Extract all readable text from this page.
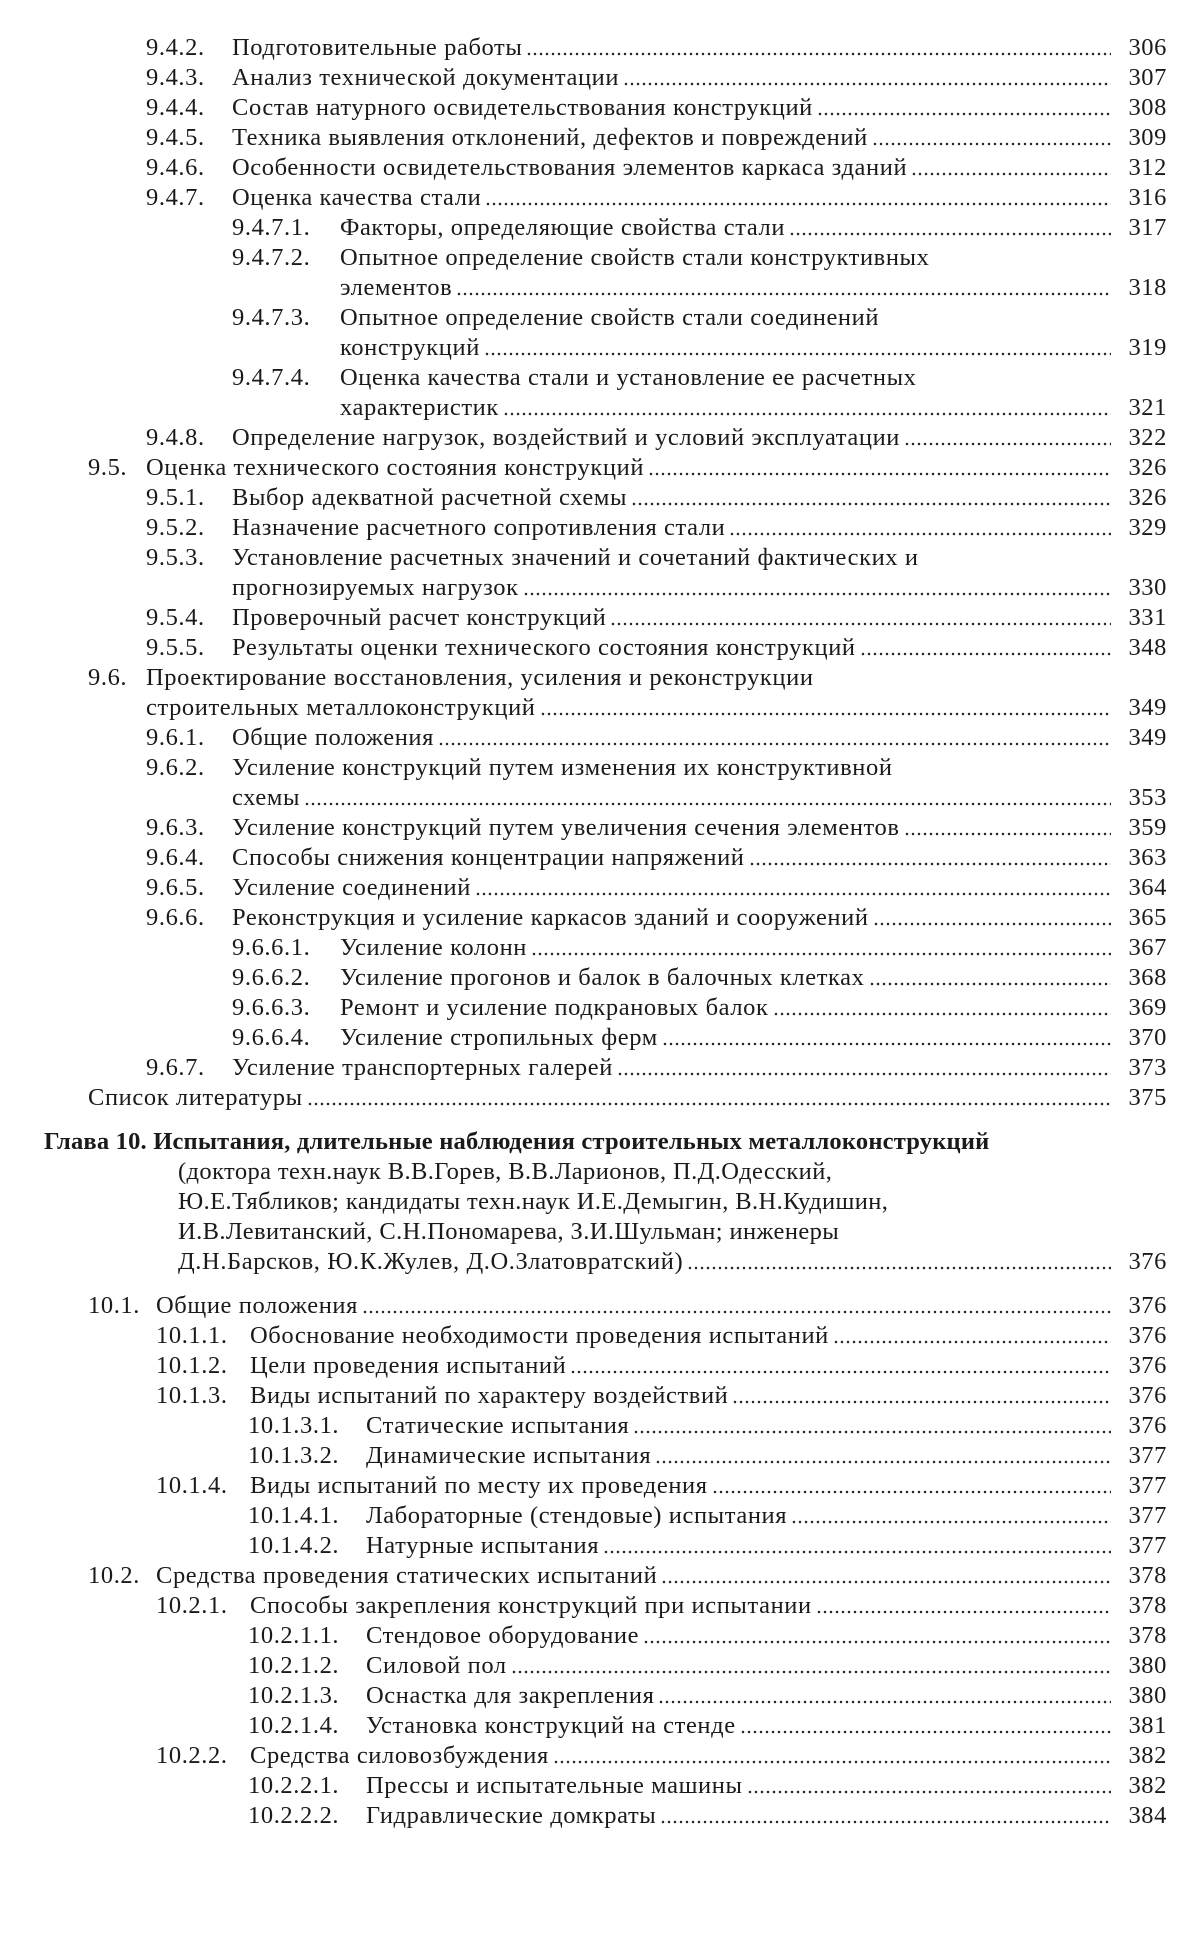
9.4.2.	Подготовительные работы	306
9.4.3.	Анализ технической документации	307
9.4.4.	Состав натурного освидетельствования конструкций	308
9.4.5.	Техника выявления отклонений, дефектов и повреждений	309
9.4.6.	Особенности освидетельствования элементов каркаса зданий	312
9.4.7.	Оценка качества стали	316
9.4.7.1.	Факторы, определяющие свойства стали	317
9.4.7.2. Опытное определение свойств стали конструктивных
элементов	318
9.4.7.3. Опытное определение свойств стали соединений
конструкций	319
9.4.7.4. Оценка качества стали и установление ее расчетных
характеристик	321
9.4.8.	Определение нагрузок, воздействий и условий эксплуатации	322
9.5. Оценка технического состояния конструкций	326
9.5.1.	Выбор адекватной расчетной схемы	326
9.5.2.	Назначение расчетного сопротивления стали	329
9.5.3. Установление расчетных значений и сочетаний фактических и
прогнозируемых нагрузок	330
9.5.4.	Проверочный расчет конструкций	331
9.5.5.	Результаты оценки технического состояния конструкций	348
9.6. Проектирование восстановления, усиления и реконструкции
строительных металлоконструкций	349
9.6.1.	Общие положения	349
9.6.2. Усиление конструкций путем изменения их конструктивной
схемы	353
9.6.3.	Усиление конструкций путем увеличения сечения элементов	359
9.6.4.	Способы снижения концентрации напряжений	363
9.6.5.	Усиление соединений	364
9.6.6.	Реконструкция и усиление каркасов зданий и сооружений	365
9.6.6.1.	Усиление колонн	367
9.6.6.2.	Усиление прогонов и балок в балочных клетках	368
9.6.6.3.	Ремонт и усиление подкрановых балок	369
9.6.6.4.	Усиление стропильных ферм	370
9.6.7.	Усиление транспортерных галерей	373
Список литературы	375
Глава 10. Испытания, длительные наблюдения строительных металлоконструкций
(доктора техн.наук В.В.Горев, В.В.Ларионов, П.Д.Одесский,
Ю.Е.Тябликов; кандидаты техн.наук И.Е.Демыгин, В.Н.Кудишин,
И.В.Левитанский, С.Н.Пономарева, З.И.Шульман; инженеры
Д.Н.Барсков, Ю.К.Жулев, Д.О.Златовратский)	376
10.1. Общие положения	376
10.1.1. Обоснование необходимости проведения испытаний	376
10.1.2. Цели проведения испытаний	376
10.1.3. Виды испытаний по характеру воздействий	376
10.1.3.1.	Статические испытания	376
10.1.3.2.	Динамические испытания	377
10.1.4. Виды испытаний по месту их проведения	377
10.1.4.1.	Лабораторные (стендовые) испытания	377
10.1.4.2.	Натурные испытания	377
10.2. Средства проведения статических испытаний	378
10.2.1. Способы закрепления конструкций при испытании	378
10.2.1.1.	Стендовое оборудование	378
10.2.1.2.	Силовой пол	380
10.2.1.3.	Оснастка для закрепления	380
10.2.1.4.	Установка конструкций на стенде	381
10.2.2. Средства силовозбуждения	382
10.2.2.1.	Прессы и испытательные машины	382
10.2.2.2.	Гидравлические домкраты	384
